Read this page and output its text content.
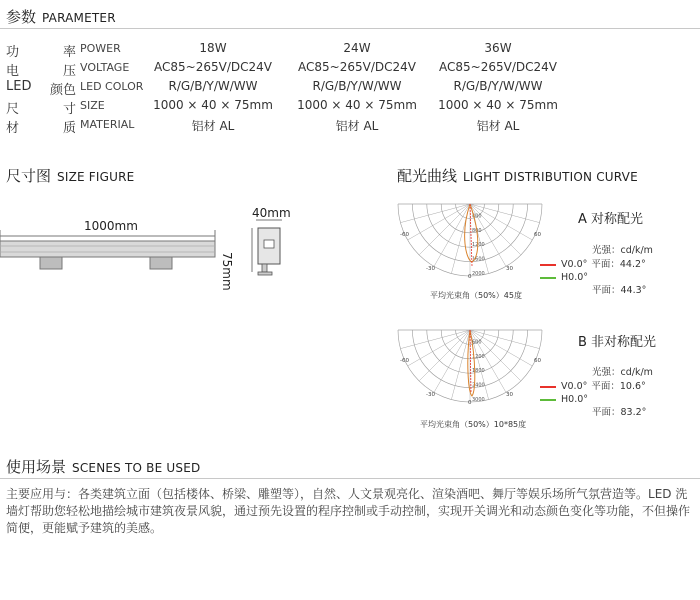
参数 PARAMETER
功	率 POWER	18W	24W	36W
电	压 VOLTAGE	AC85~265V/DC24V	AC85~265V/DC24V	AC85~265V/DC24V
LED 颜色 LED COLOR	R/G/B/Y/W/WW	R/G/B/Y/W/WW	R/G/B/Y/W/WW
尺	寸 SIZE	1000 × 40 × 75mm	1000 × 40 × 75mm	1000 × 40 × 75mm
材	质 MATERIAL	铝材 AL	铝材 AL	铝材 AL
尺寸图 SIZE FIGURE
1000mm
40mm
75mm
配光曲线 LIGHT DISTRIBUTION CURVE
400
800
1200
1600
2000
-60	60
-30	30
0
平均光束角（50%）45度
A 对称配光
光强：cd/k/m
V0.0° 平面：44.2°
H0.0°
平面：44.3°
600
1200
1800
2400
3000
-60	60
-30	30
0
平均光束角（50%）10*85度
B 非对称配光
光强：cd/k/m
V0.0° 平面：10.6°
H0.0°
平面：83.2°
使用场景 SCENES TO BE USED
主要应用与：各类建筑立面（包括楼体、桥梁、雕塑等），自然、人文景观亮化、渲染酒吧、舞厅等娱乐场所气氛营造等。LED 洗墙灯帮助您轻松地描绘城市建筑夜景风貌，通过预先设置的程序控制或手动控制，实现开关调光和动态颜色变化等功能，不但操作简便，更能赋予建筑的美感。
